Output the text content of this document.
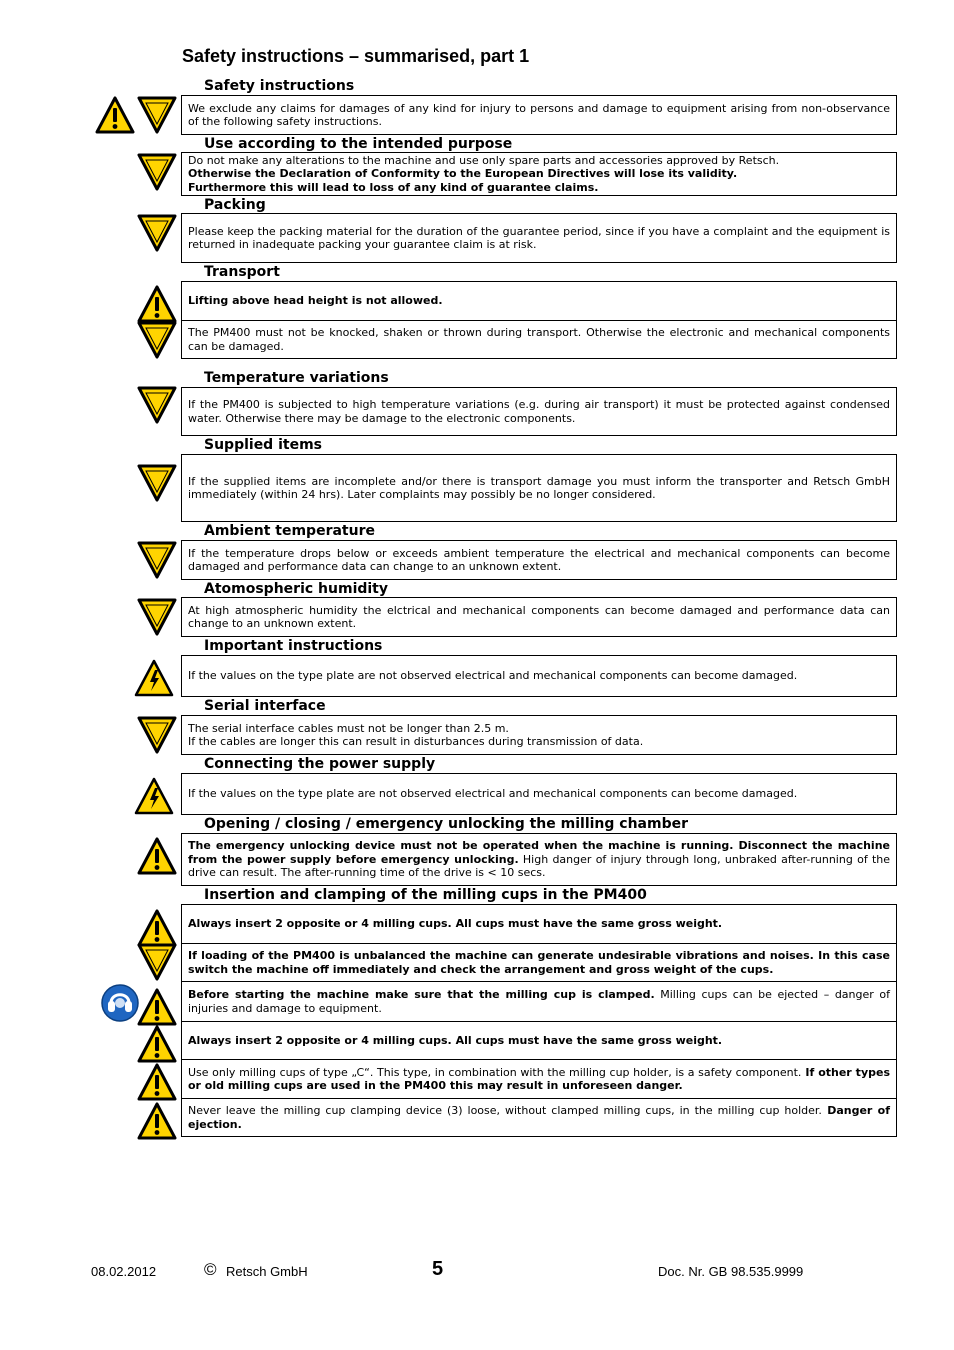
Safety instructions – summarised, part 1
Safety instructions
We exclude any claims for damages of any kind for injury to persons and damage to equipment arising from non-observance of the following safety instructions.
Use according to the intended purpose
Do not make any alterations to the machine and use only spare parts and accessories approved by Retsch.
Otherwise the Declaration of Conformity to the European Directives will lose its validity.
Furthermore this will lead to loss of any kind of guarantee claims.
Packing
Please keep the packing material for the duration of the guarantee period, since if you have a complaint and the equipment is returned in inadequate packing your guarantee claim is at risk.
Transport
Lifting above head height is not allowed.
The PM400 must not be knocked, shaken or thrown during transport. Otherwise the electronic and mechanical components can be damaged.
Temperature variations
If the PM400 is subjected to high temperature variations (e.g. during air transport) it must be protected against condensed water. Otherwise there may be damage to the electronic components.
Supplied items
If the supplied items are incomplete and/or there is transport damage you must inform the transporter and Retsch GmbH immediately (within 24 hrs). Later complaints may possibly be no longer considered.
Ambient temperature
If the temperature drops below or exceeds ambient temperature the electrical and mechanical components can become damaged and performance data can change to an unknown extent.
Atomospheric humidity
At high atmospheric humidity the elctrical and mechanical components can become damaged and performance data can change to an unknown extent.
Important instructions
If the values on the type plate are not observed electrical and mechanical components can become damaged.
Serial interface
The serial interface cables must not be longer than 2.5 m.
If the cables are longer this can result in disturbances during transmission of data.
Connecting the power supply
If the values on the type plate are not observed electrical and mechanical components can become damaged.
Opening / closing / emergency unlocking the milling chamber
The emergency unlocking device must not be operated when the machine is running. Disconnect the machine from the power supply before emergency unlocking. High danger of injury through long, unbraked after-running of the drive can result. The after-running time of the drive is < 10 secs.
Insertion and clamping of the milling cups in the PM400
Always insert 2 opposite or 4 milling cups. All cups must have the same gross weight.
If loading of the PM400 is unbalanced the machine can generate undesirable vibrations and noises. In this case switch the machine off immediately and check the arrangement and gross weight of the cups.
Before starting the machine make sure that the milling cup is clamped. Milling cups can be ejected – danger of injuries and damage to equipment.
Always insert 2 opposite or 4 milling cups. All cups must have the same gross weight.
Use only milling cups of type „C“. This type, in combination with the milling cup holder, is a safety component. If other types or old milling cups are used in the PM400 this may result in unforeseen danger.
Never leave the milling cup clamping device (3) loose, without clamped milling cups, in the milling cup holder. Danger of ejection.
08.02.2012	© Retsch GmbH	5	Doc. Nr. GB 98.535.9999
